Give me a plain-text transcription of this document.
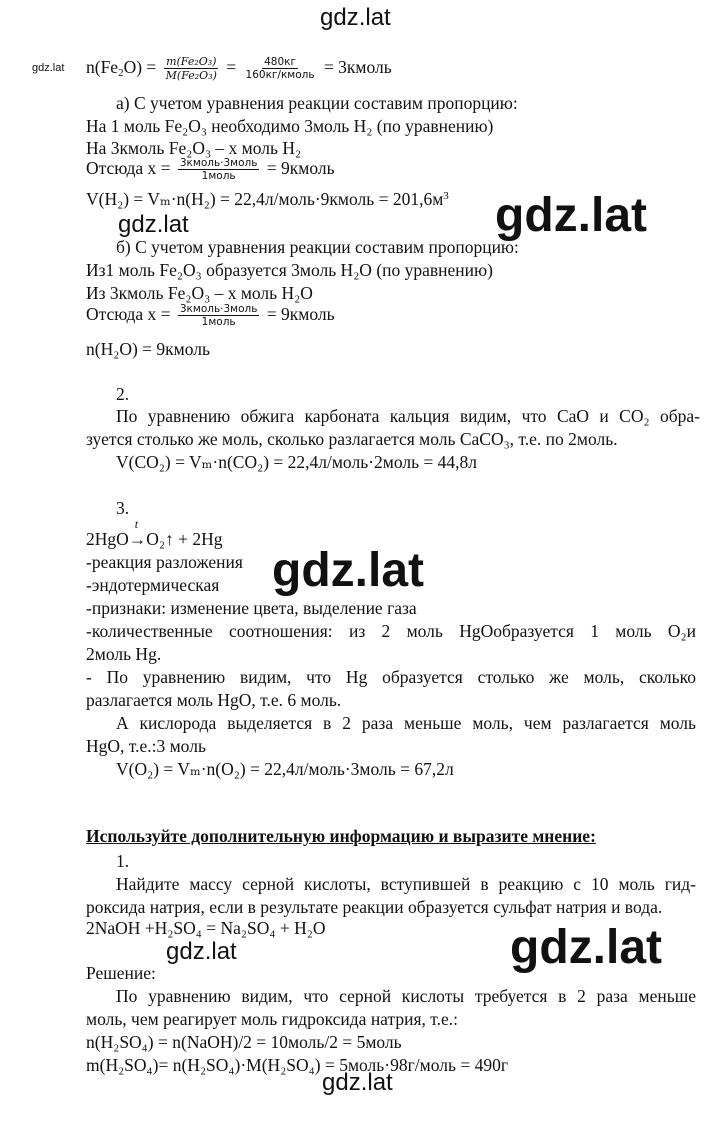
gdz.lat
gdz.lat
gdz.lat
gdz.lat
gdz.lat
gdz.lat	gdz.lat
gdz.lat
$n(Fe_2O) = \frac{\text{m(Fe₂O₃)}}{\text{M(Fe₂O₃)}} = \frac{480кг}{\text{160кг/кмоль}}$ = 3кмоль
а) С учетом уравнения реакции составим пропорцию:
На 1 моль Fe₂O₃ необходимо 3моль H₂ (по уравнению)
На 3кмоль Fe₂O₃ – х моль H₂
Отсюда $х = \frac{\text{3кмоль·3моль}}{\text{1моль}}$ = 9кмоль
V(H₂) = Vₘ·n(H₂) = 22,4л/моль·9кмоль = $201,6м^3$
б) С учетом уравнения реакции составим пропорцию:
Из1 моль Fe₂O₃ образуется 3моль H₂O (по уравнению)
Из 3кмоль Fe₂O₃ – х моль H₂O
Отсюда $х = \frac{\text{3кмоль·3моль}}{\text{1моль}}$ = 9кмоль
n(H₂O) = 9кмоль
2.
По уравнению обжига карбоната кальция видим, что CaO и CO₂ обра-
зуется столько же моль, сколько разлагается моль CaCO₃, т.е. по 2моль.
V(CO₂) = Vₘ·n(CO₂) = 22,4л/моль·2моль = 44,8л
3.
2HgO
t
→O₂↑ + 2Hg
-реакция разложения
-эндотермическая
-признаки: изменение цвета, выделение газа
-количественные соотношения: из 2 моль HgOобразуется 1 моль O₂и
2моль Hg.
- По уравнению видим, что Hg образуется столько же моль, сколько
разлагается моль HgO, т.е. 6 моль.
А кислорода выделяется в 2 раза меньше моль, чем разлагается моль
HgO, т.е.:3 моль
V(O₂) = Vₘ·n(O₂) = 22,4л/моль·3моль = 67,2л
Используйте дополнительную информацию и выразите мнение:
1.
Найдите массу серной кислоты, вступившей в реакцию с 10 моль гид-
роксида натрия, если в результате реакции образуется сульфат натрия и вода.
2NaOH +H₂SO₄ = Na₂SO₄ + H₂O
Решение:
По уравнению видим, что серной кислоты требуется в 2 раза меньше
моль, чем реагирует моль гидроксида натрия, т.е.:
n(H₂SO₄) = n(NaOH)/2 = 10моль/2 = 5моль
m(H₂SO₄)= n(H₂SO₄)·M(H₂SO₄) = 5моль·98г/моль = 490г
